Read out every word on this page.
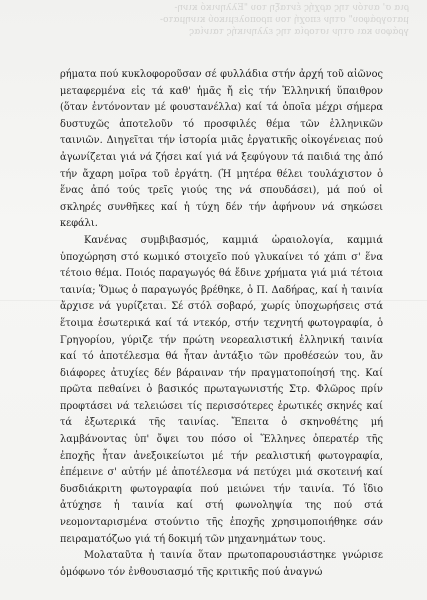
ρια σ' αυτόν της αρχής ένταξη του "Ελληνικό κινη-

ματογράφου" στην εποχή του προπολεμικού κινηματο-

γράφου και στην ιστορία της ελληνικής ταινίας

ρήματα πού κυκλοφοροῦσαν σέ φυλλάδια στήν ἀρχή τοῦ αἰῶνος μεταφερμένα εἰς τά καθ' ἡμᾶς ἤ εἰς τήν Ἑλληνική ὕπαιθρον (ὅταν ἐντόνονταν μέ φουστανέλλα) καί τά ὁποῖα μέχρι σήμερα δυστυχῶς ἀποτελοῦν τό προσφιλές θέμα τῶν ἑλληνικῶν ταινιῶν. Διηγεῖται τήν ἱστορία μιᾶς ἐργατικῆς οἰκογένειας πού ἀγωνίζεται γιά νά ζήσει καί γιά νά ξεφύγουν τά παιδιά της ἀπό τήν ἄχαρη μοῖρα τοῦ ἐργάτη. (Ἡ μητέρα θέλει τουλάχιστον ὁ ἕνας ἀπό τούς τρεῖς γιούς της νά σπουδάσει), μά πού οἱ σκληρές συνθῆκες καί ἡ τύχη δέν τήν ἀφήνουν νά σηκώσει κεφάλι.

Κανένας συμβιβασμός, καμμιά ὡραιολογία, καμμιά ὑποχώρηση στό κωμικό στοιχεῖο πού γλυκαίνει τό χάπι σ' ἕνα τέτοιο θέμα. Ποιός παραγωγός θά ἔδινε χρήματα γιά μιά τέτοια ταινία; Ὅμως ὁ παραγωγός βρέθηκε, ὁ Π. Δαδήρας, καί ἡ ταινία ἄρχισε νά γυρίζεται. Σέ στόλ σοβαρό, χωρίς ὑποχωρήσεις στά ἕτοιμα ἐσωτερικά καί τά ντεκόρ, στήν τεχνητή φωτογραφία, ὁ Γρηγορίου, γύριζε τήν πρώτη νεορεαλιστική ἑλληνική ταινία καί τό ἀποτέλεσμα θά ἦταν ἀντάξιο τῶν προθέσεών του, ἄν διάφορες ἀτυχίες δέν βάραιναν τήν πραγματοποίησή της. Καί πρῶτα πεθαίνει ὁ βασικός πρωταγωνιστής Στρ. Φλῶρος πρίν προφτάσει νά τελειώσει τίς περισσότερες ἐρωτικές σκηνές καί τά ἐξωτερικά τῆς ταινίας. Ἔπειτα ὁ σκηνοθέτης μή λαμβάνοντας ὑπ' ὄψει του πόσο οἱ Ἕλληνες ὀπερατέρ τῆς ἐποχῆς ἦταν ἀνεξοικείωτοι μέ τήν ρεαλιστική φωτογραφία, ἐπέμεινε σ' αὐτήν μέ ἀποτέλεσμα νά πετύχει μιά σκοτεινή καί δυσδιάκριτη φωτογραφία πού μειώνει τήν ταινία. Τό ἴδιο ἀτύχησε ἡ ταινία καί στή φωνοληψία της πού στά νεομονταρισμένα στούντιο τῆς ἐποχῆς χρησιμοποιήθηκε σάν πειραματόζωο γιά τή δοκιμή τῶν μηχανημάτων τους.

Μολαταῦτα ἡ ταινία ὅταν πρωτοπαρουσιάστηκε γνώρισε ὁμόφωνο τόν ἐνθουσιασμό τῆς κριτικῆς πού ἀναγνώ
